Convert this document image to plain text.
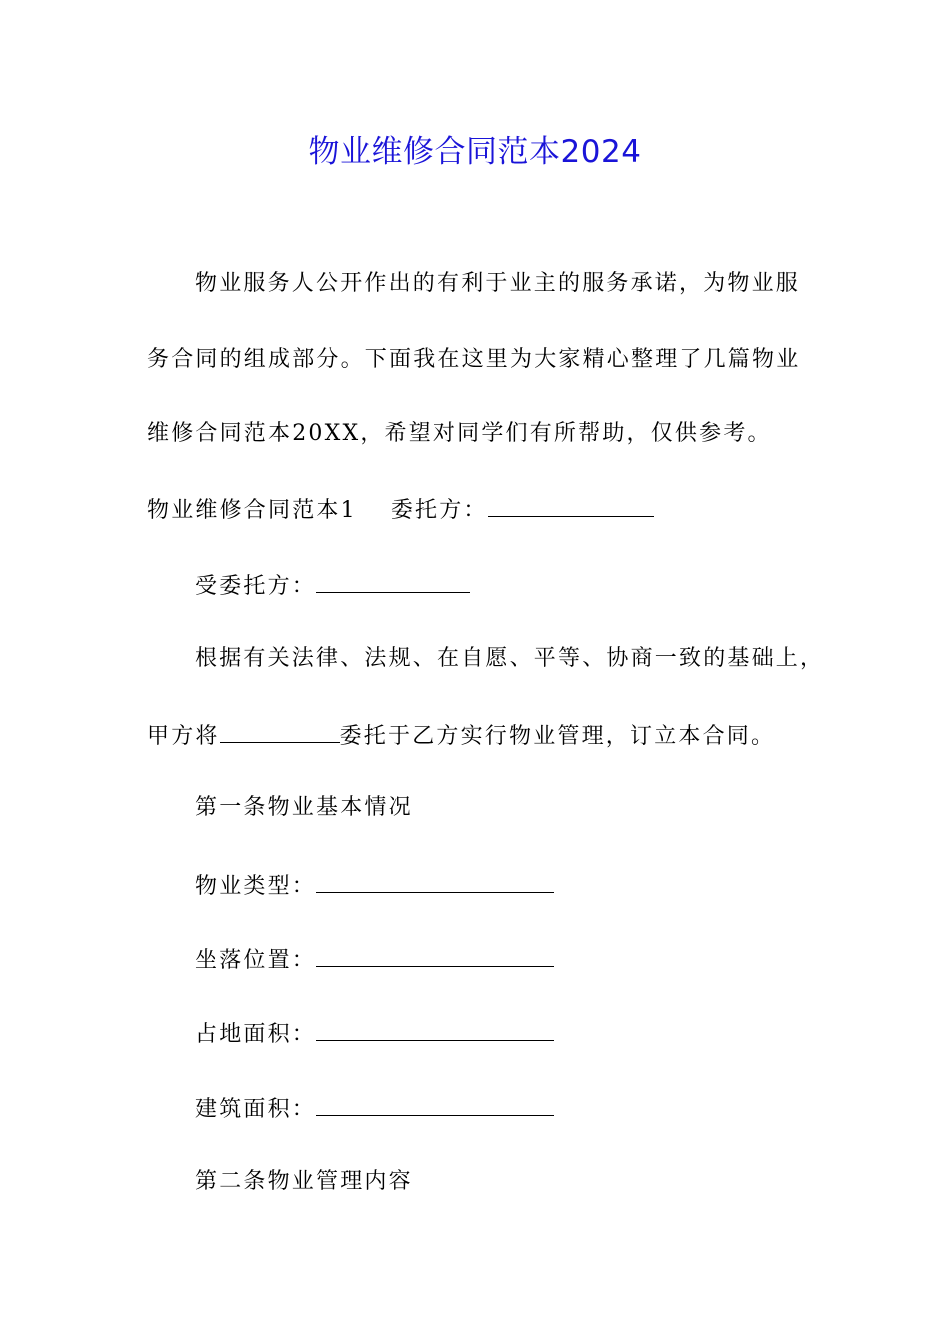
物业维修合同范本2024
物业服务人公开作出的有利于业主的服务承诺，为物业服
务合同的组成部分。下面我在这里为大家精心整理了几篇物业
维修合同范本20XX，希望对同学们有所帮助，仅供参考。
物业维修合同范本1 委托方：
受委托方：
根据有关法律、法规、在自愿、平等、协商一致的基础上，
甲方将	委托于乙方实行物业管理，订立本合同。
第一条物业基本情况
物业类型：
坐落位置：
占地面积：
建筑面积：
第二条物业管理内容
